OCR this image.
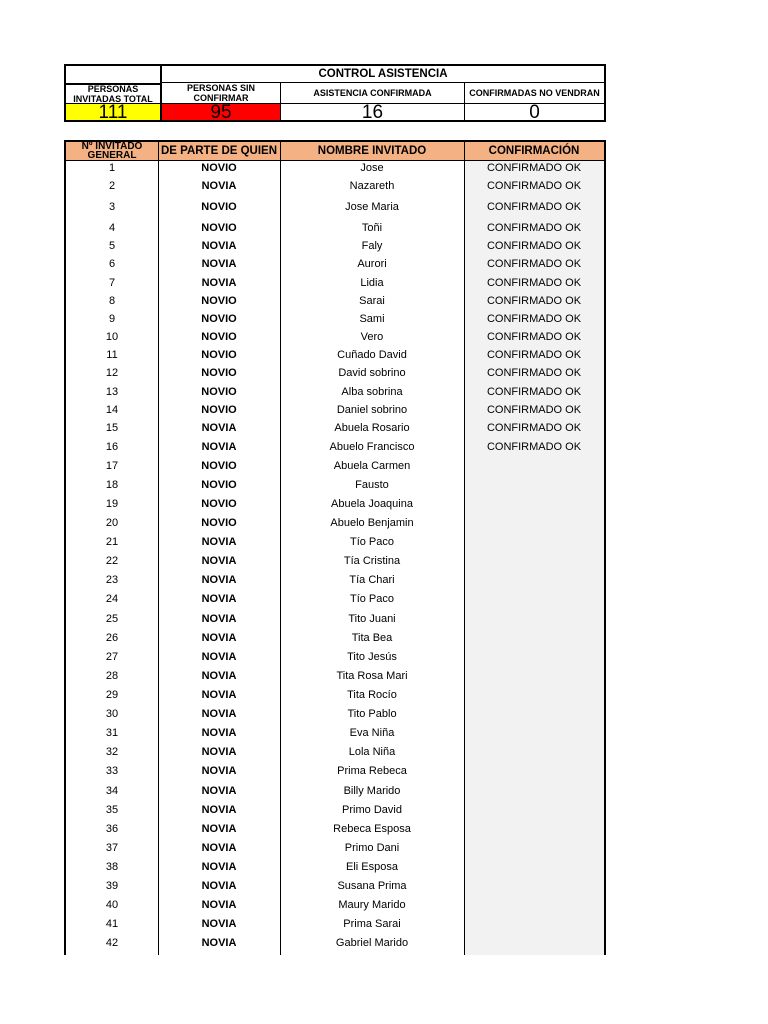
CONTROL ASISTENCIA
PERSONAS INVITADAS TOTAL
PERSONAS SIN CONFIRMAR	ASISTENCIA CONFIRMADA	CONFIRMADAS NO VENDRAN
111	95	16	0
Nº INVITADO GENERAL	DE PARTE DE QUIEN	NOMBRE INVITADO	CONFIRMACIÓN
1	NOVIO	Jose	CONFIRMADO OK
2	NOVIA	Nazareth	CONFIRMADO OK
3	NOVIO	Jose Maria	CONFIRMADO OK
4	NOVIO	Toñi	CONFIRMADO OK
5	NOVIA	Faly	CONFIRMADO OK
6	NOVIA	Aurori	CONFIRMADO OK
7	NOVIA	Lidia	CONFIRMADO OK
8	NOVIO	Sarai	CONFIRMADO OK
9	NOVIO	Sami	CONFIRMADO OK
10	NOVIO	Vero	CONFIRMADO OK
11	NOVIO	Cuñado David	CONFIRMADO OK
12	NOVIO	David sobrino	CONFIRMADO OK
13	NOVIO	Alba sobrina	CONFIRMADO OK
14	NOVIO	Daniel sobrino	CONFIRMADO OK
15	NOVIA	Abuela Rosario	CONFIRMADO OK
16	NOVIA	Abuelo Francisco	CONFIRMADO OK
17	NOVIO	Abuela Carmen
18	NOVIO	Fausto
19	NOVIO	Abuela Joaquina
20	NOVIO	Abuelo Benjamin
21	NOVIA	Tío Paco
22	NOVIA	Tía Cristina
23	NOVIA	Tía Chari
24	NOVIA	Tío Paco
25	NOVIA	Tito Juani
26	NOVIA	Tita Bea
27	NOVIA	Tito Jesús
28	NOVIA	Tita Rosa Mari
29	NOVIA	Tita Rocío
30	NOVIA	Tito Pablo
31	NOVIA	Eva Niña
32	NOVIA	Lola Niña
33	NOVIA	Prima Rebeca
34	NOVIA	Billy Marido
35	NOVIA	Primo David
36	NOVIA	Rebeca Esposa
37	NOVIA	Primo Dani
38	NOVIA	Eli Esposa
39	NOVIA	Susana Prima
40	NOVIA	Maury Marido
41	NOVIA	Prima Sarai
42	NOVIA	Gabriel Marido
